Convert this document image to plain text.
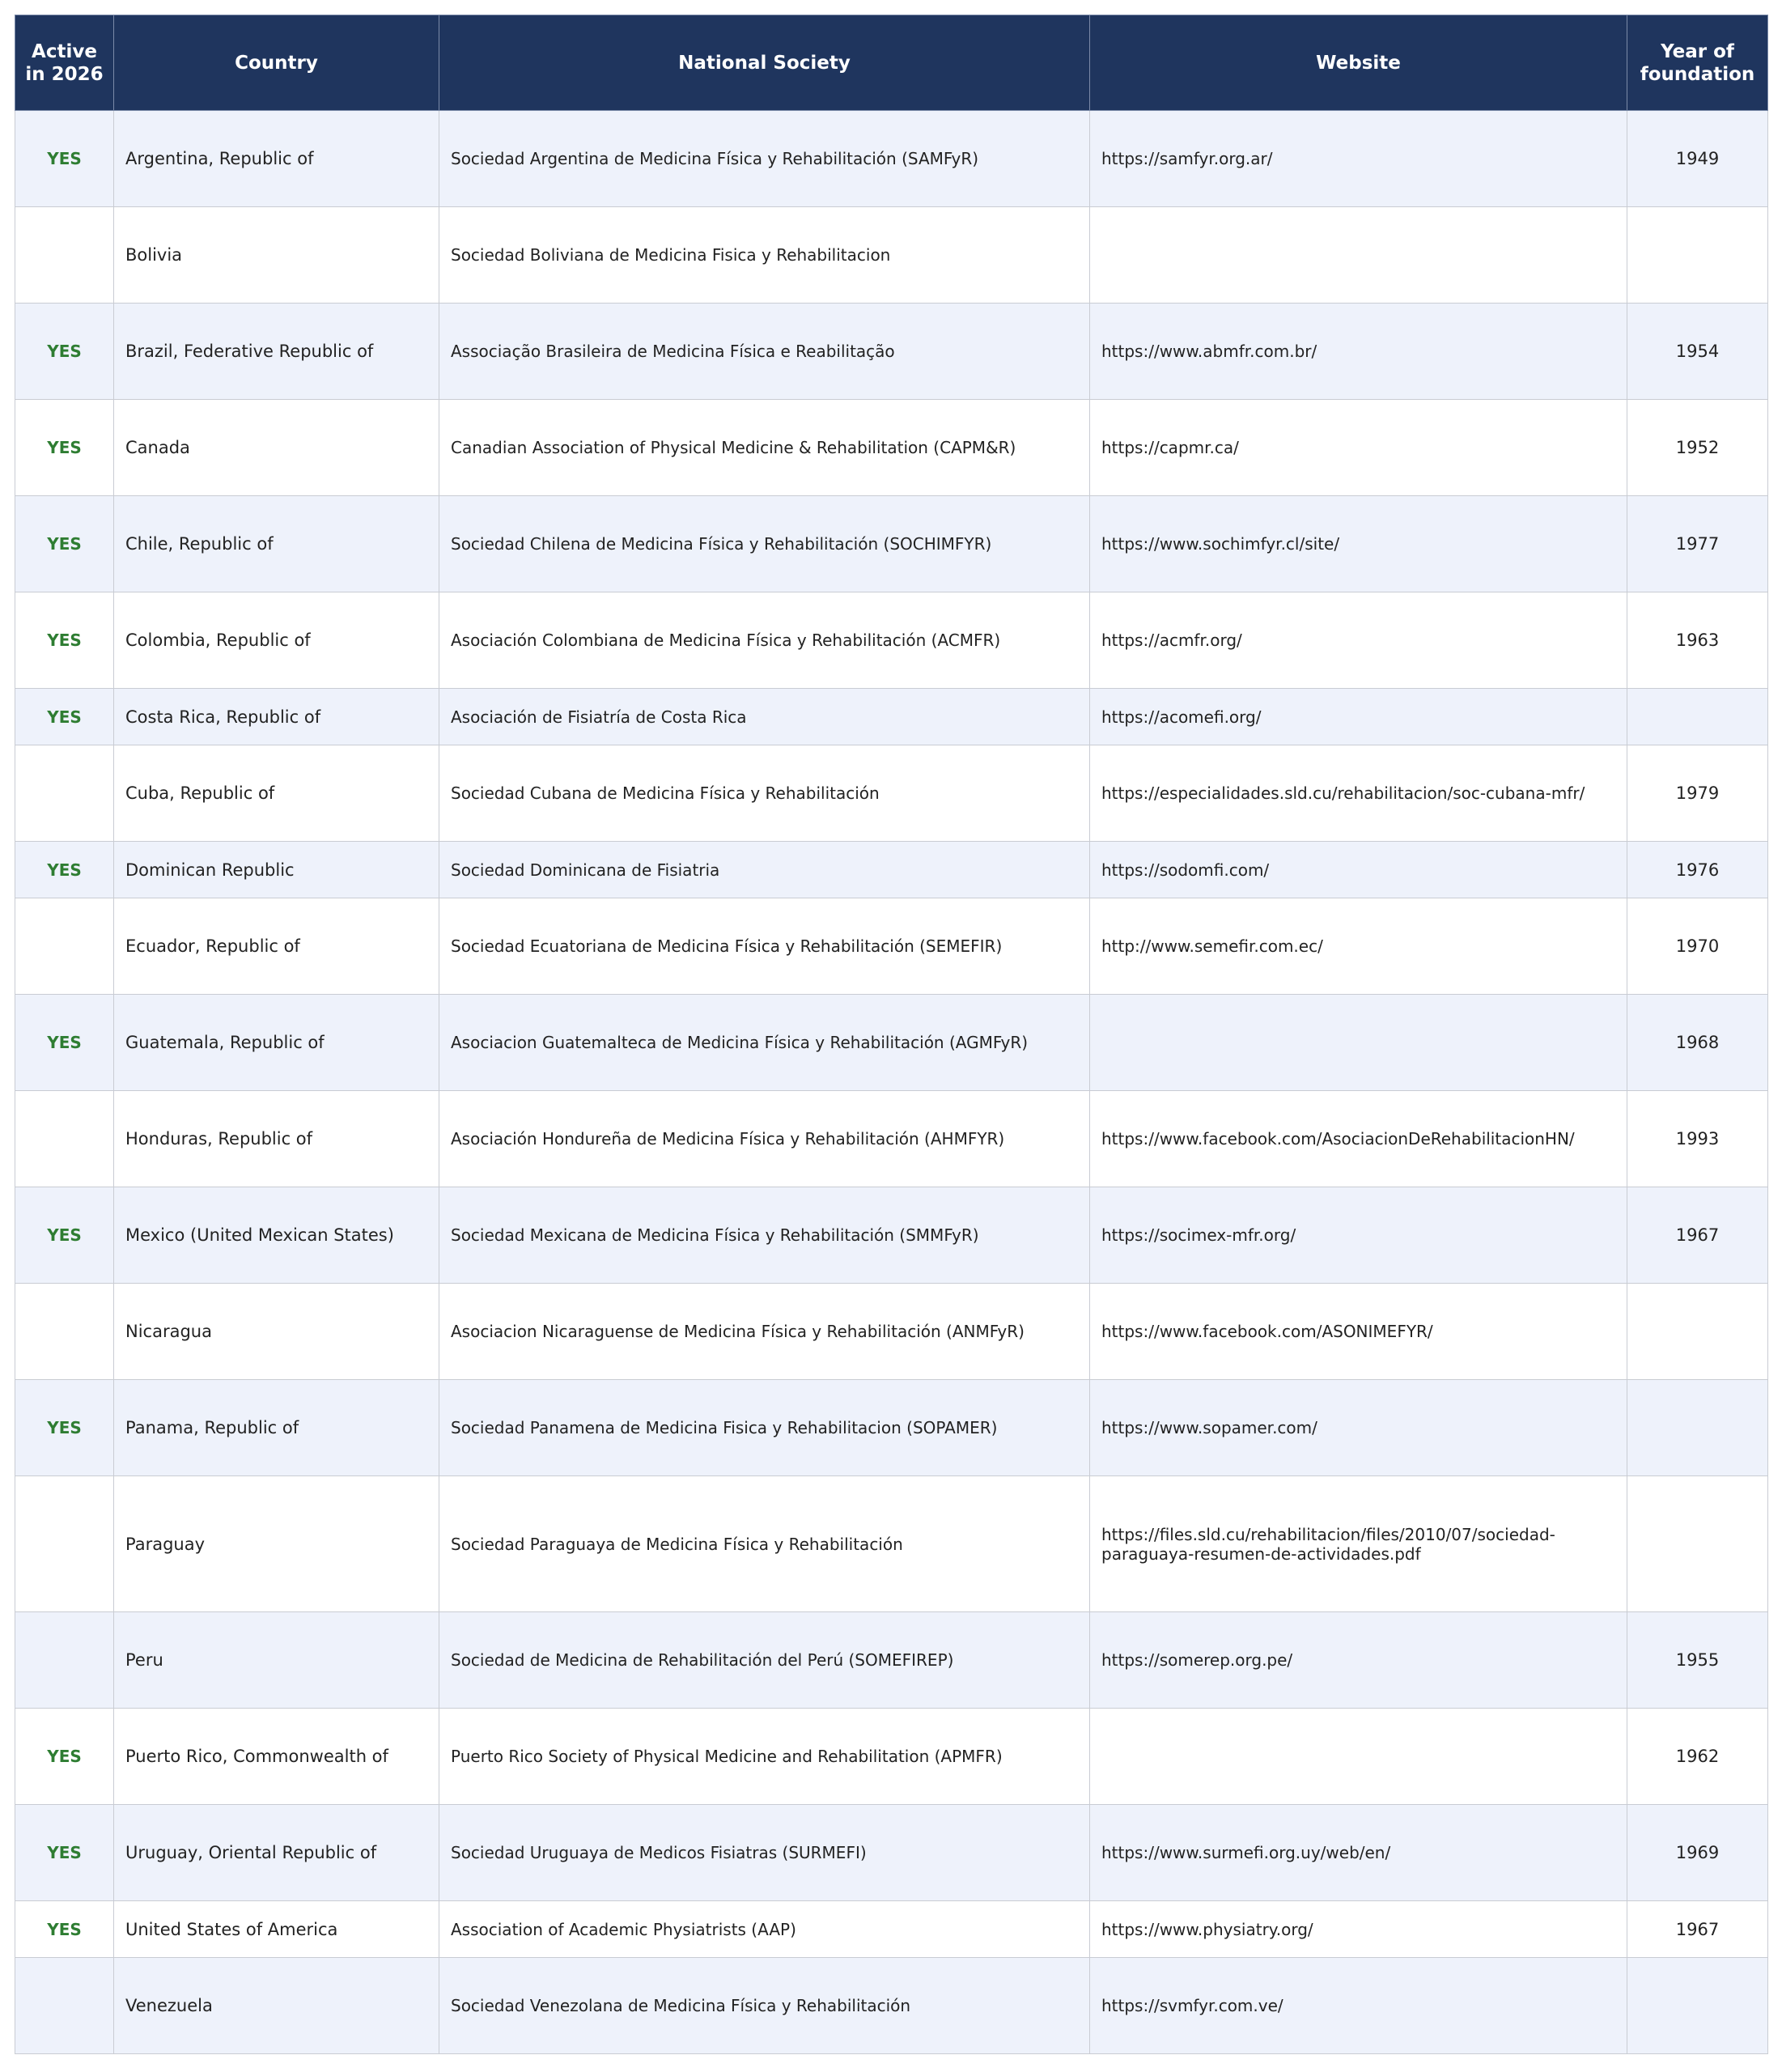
Active in 2026	Country	National Society	Website	Year of foundation
YES	Argentina, Republic of	Sociedad Argentina de Medicina Física y Rehabilitación (SAMFyR)	https://samfyr.org.ar/	1949
	Bolivia	Sociedad Boliviana de Medicina Fisica y Rehabilitacion		
YES	Brazil, Federative Republic of	Associação Brasileira de Medicina Física e Reabilitação	https://www.abmfr.com.br/	1954
YES	Canada	Canadian Association of Physical Medicine & Rehabilitation (CAPM&R)	https://capmr.ca/	1952
YES	Chile, Republic of	Sociedad Chilena de Medicina Física y Rehabilitación (SOCHIMFYR)	https://www.sochimfyr.cl/site/	1977
YES	Colombia, Republic of	Asociación Colombiana de Medicina Física y Rehabilitación (ACMFR)	https://acmfr.org/	1963
YES	Costa Rica, Republic of	Asociación de Fisiatría de Costa Rica	https://acomefi.org/	
	Cuba, Republic of	Sociedad Cubana de Medicina Física y Rehabilitación	https://especialidades.sld.cu/rehabilitacion/soc-cubana-mfr/	1979
YES	Dominican Republic	Sociedad Dominicana de Fisiatria	https://sodomfi.com/	1976
	Ecuador, Republic of	Sociedad Ecuatoriana de Medicina Física y Rehabilitación (SEMEFIR)	http://www.semefir.com.ec/	1970
YES	Guatemala, Republic of	Asociacion Guatemalteca de Medicina Física y Rehabilitación (AGMFyR)		1968
	Honduras, Republic of	Asociación Hondureña de Medicina Física y Rehabilitación (AHMFYR)	https://www.facebook.com/AsociacionDeRehabilitacionHN/	1993
YES	Mexico (United Mexican States)	Sociedad Mexicana de Medicina Física y Rehabilitación (SMMFyR)	https://socimex-mfr.org/	1967
	Nicaragua	Asociacion Nicaraguense de Medicina Física y Rehabilitación (ANMFyR)	https://www.facebook.com/ASONIMEFYR/	
YES	Panama, Republic of	Sociedad Panamena de Medicina Fisica y Rehabilitacion (SOPAMER)	https://www.sopamer.com/	
	Paraguay	Sociedad Paraguaya de Medicina Física y Rehabilitación	https://files.sld.cu/rehabilitacion/files/2010/07/sociedad-paraguaya-resumen-de-actividades.pdf	
	Peru	Sociedad de Medicina de Rehabilitación del Perú (SOMEFIREP)	https://somerep.org.pe/	1955
YES	Puerto Rico, Commonwealth of	Puerto Rico Society of Physical Medicine and Rehabilitation (APMFR)		1962
YES	Uruguay, Oriental Republic of	Sociedad Uruguaya de Medicos Fisiatras (SURMEFI)	https://www.surmefi.org.uy/web/en/	1969
YES	United States of America	Association of Academic Physiatrists (AAP)	https://www.physiatry.org/	1967
	Venezuela	Sociedad Venezolana de Medicina Física y Rehabilitación	https://svmfyr.com.ve/	
